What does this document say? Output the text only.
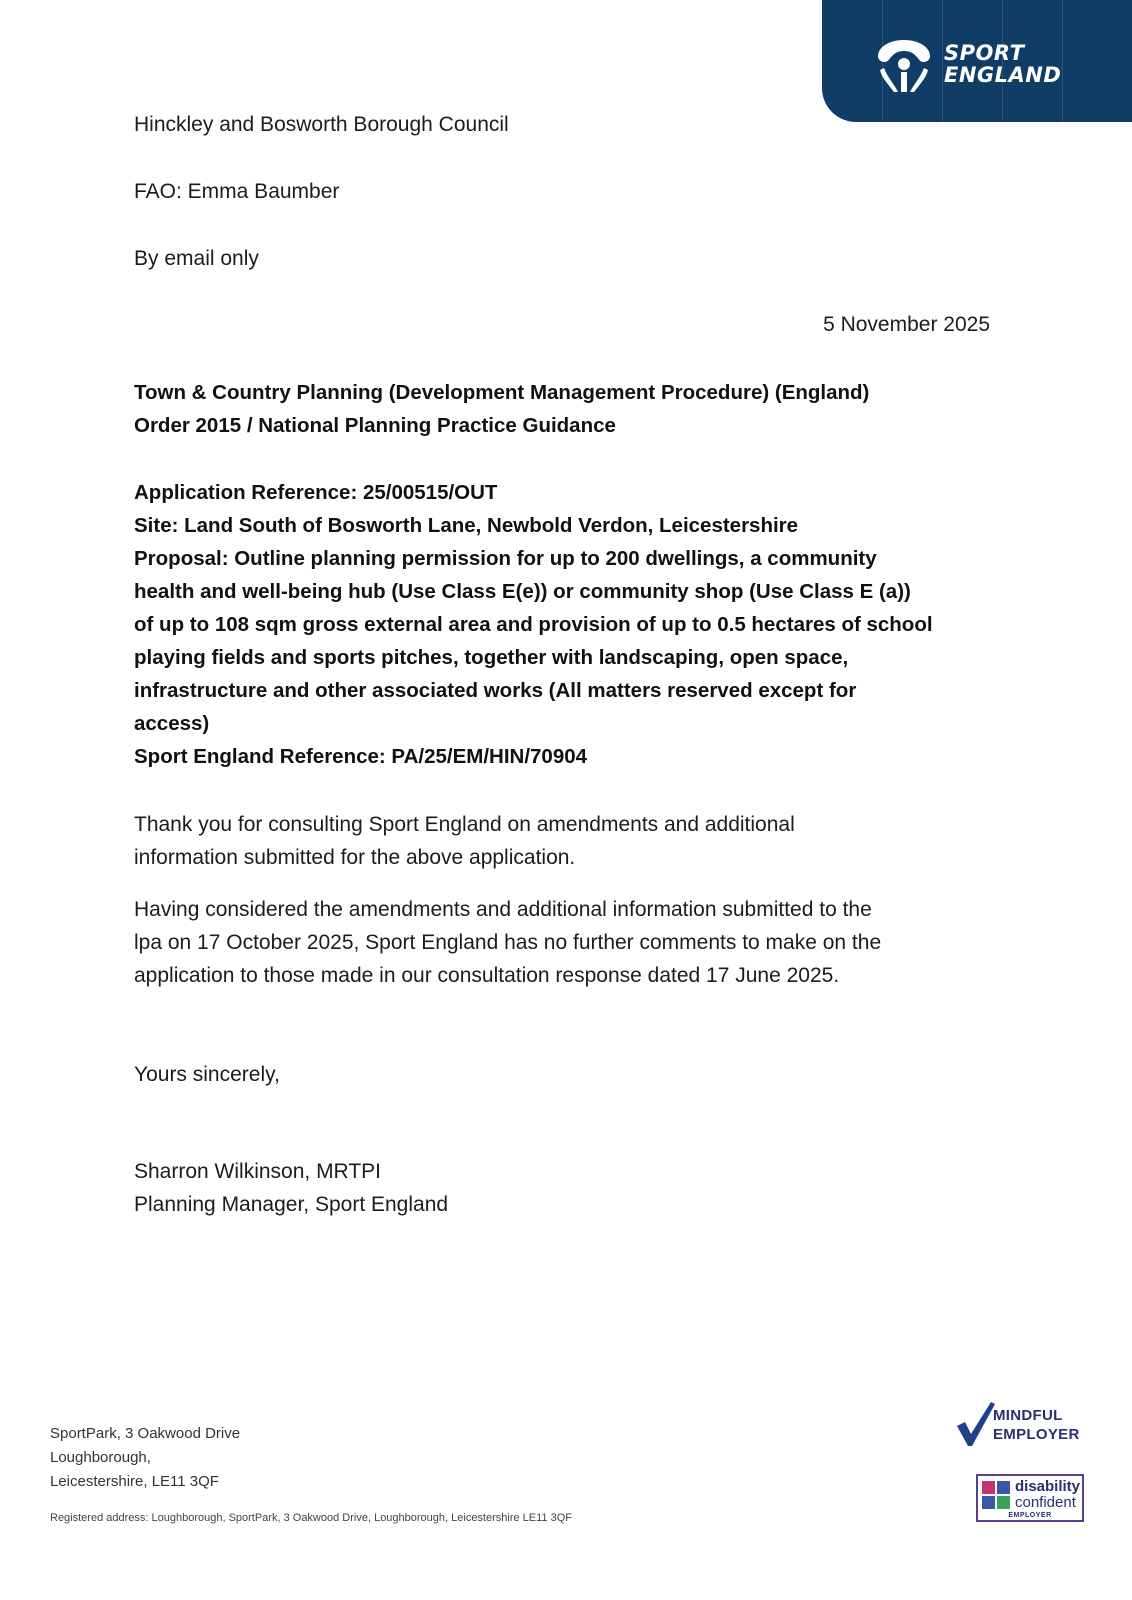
SPORT
ENGLAND
Hinckley and Bosworth Borough Council
FAO: Emma Baumber
By email only
5 November 2025
Town & Country Planning (Development Management Procedure) (England)
Order 2015 / National Planning Practice Guidance
Application Reference: 25/00515/OUT
Site: Land South of Bosworth Lane, Newbold Verdon, Leicestershire
Proposal: Outline planning permission for up to 200 dwellings, a community
health and well-being hub (Use Class E(e)) or community shop (Use Class E (a))
of up to 108 sqm gross external area and provision of up to 0.5 hectares of school
playing fields and sports pitches, together with landscaping, open space,
infrastructure and other associated works (All matters reserved except for
access)
Sport England Reference: PA/25/EM/HIN/70904
Thank you for consulting Sport England on amendments and additional
information submitted for the above application.
Having considered the amendments and additional information submitted to the
lpa on 17 October 2025, Sport England has no further comments to make on the
application to those made in our consultation response dated 17 June 2025.
Yours sincerely,
Sharron Wilkinson, MRTPI
Planning Manager, Sport England
SportPark, 3 Oakwood Drive
Loughborough,
Leicestershire, LE11 3QF
Registered address: Loughborough, SportPark, 3 Oakwood Drive, Loughborough, Leicestershire LE11 3QF
MINDFUL
EMPLOYER
disability
confident
EMPLOYER
